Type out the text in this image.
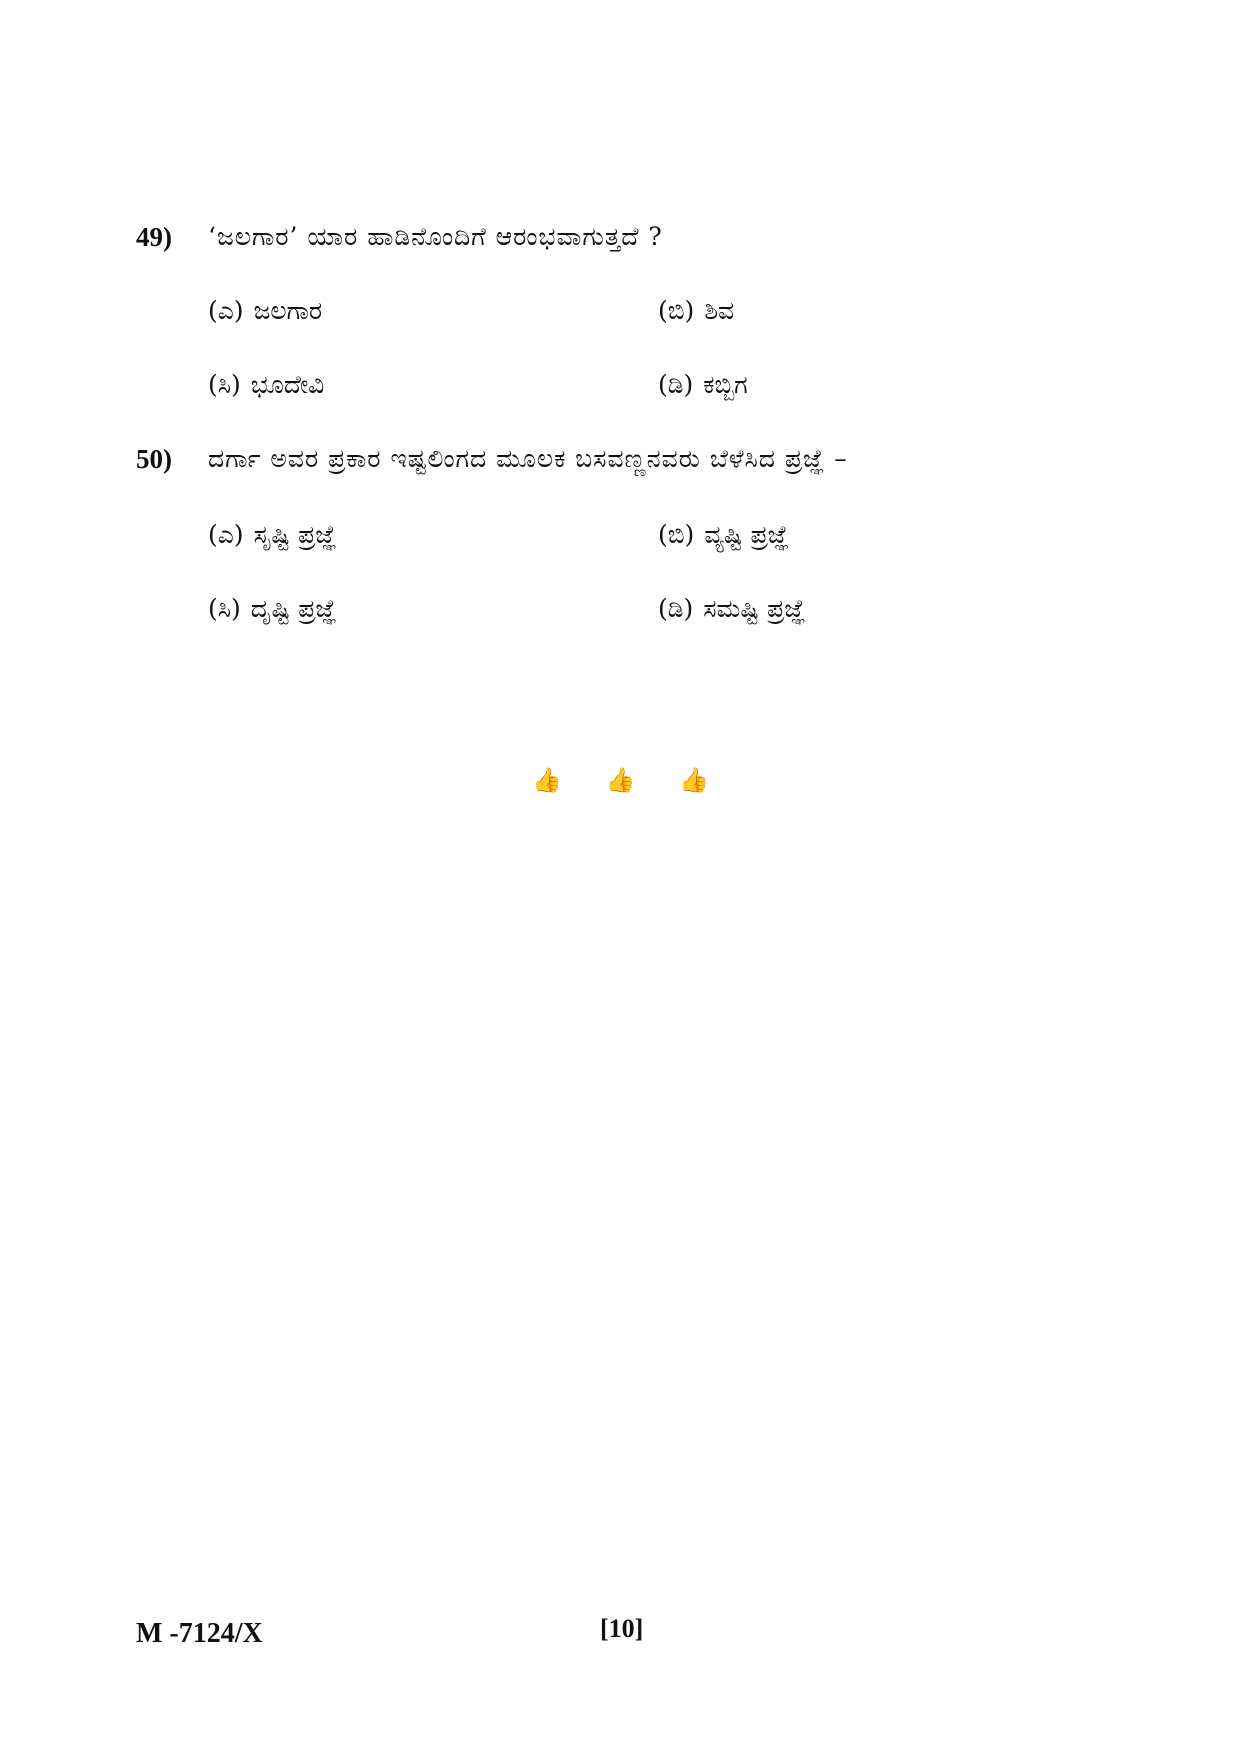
49) ‘ಜಲಗಾರ’ ಯಾರ ಹಾಡಿನೊಂದಿಗೆ ಆರಂಭವಾಗುತ್ತದೆ ?
(ಎ) ಜಲಗಾರ	(ಬಿ) ಶಿವ
(ಸಿ) ಭೂದೇವಿ	(ಡಿ) ಕಬ್ಬಿಗ
50) ದರ್ಗಾ ಅವರ ಪ್ರಕಾರ ಇಷ್ಟಲಿಂಗದ ಮೂಲಕ ಬಸವಣ್ಣನವರು ಬೆಳೆಸಿದ ಪ್ರಜ್ಞೆ –
(ಎ) ಸೃಷ್ಟಿ ಪ್ರಜ್ಞೆ	(ಬಿ) ವ್ಯಷ್ಟಿ ಪ್ರಜ್ಞೆ
(ಸಿ) ದೃಷ್ಟಿ ಪ್ರಜ್ಞೆ	(ಡಿ) ಸಮಷ್ಟಿ ಪ್ರಜ್ಞೆ
👍 👍 👍
M -7124/X	[10]
